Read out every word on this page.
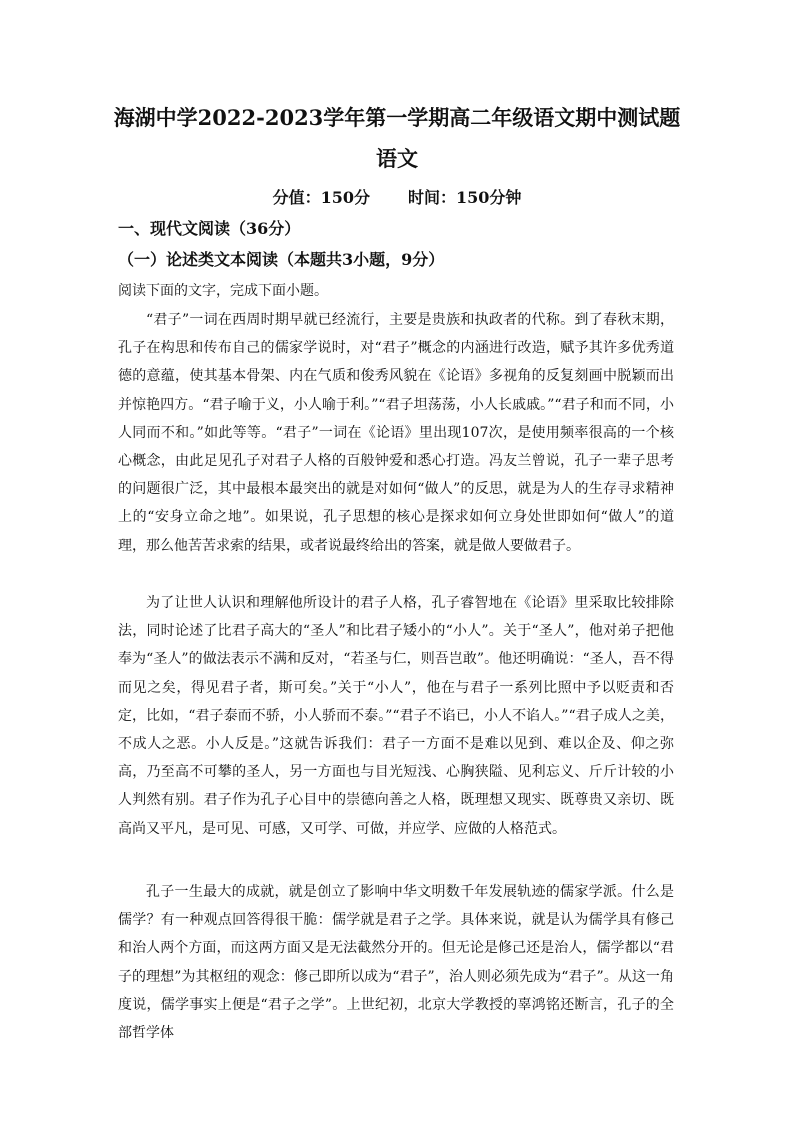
海湖中学2022-2023学年第一学期高二年级语文期中测试题
语文
分值：150分 时间：150分钟
一、现代文阅读（36分）
（一）论述类文本阅读（本题共3小题，9分）
阅读下面的文字，完成下面小题。

“君子”一词在西周时期早就已经流行，主要是贵族和执政者的代称。到了春秋末期，孔子在构思和传布自己的儒家学说时，对“君子”概念的内涵进行改造，赋予其许多优秀道德的意蕴，使其基本骨架、内在气质和俊秀风貌在《论语》多视角的反复刻画中脱颖而出并惊艳四方。“君子喻于义，小人喻于利。”“君子坦荡荡，小人长戚戚。”“君子和而不同，小人同而不和。”如此等等。“君子”一词在《论语》里出现107次，是使用频率很高的一个核心概念，由此足见孔子对君子人格的百般钟爱和悉心打造。冯友兰曾说，孔子一辈子思考的问题很广泛，其中最根本最突出的就是对如何“做人”的反思，就是为人的生存寻求精神上的“安身立命之地”。如果说，孔子思想的核心是探求如何立身处世即如何“做人”的道理，那么他苦苦求索的结果，或者说最终给出的答案，就是做人要做君子。

为了让世人认识和理解他所设计的君子人格，孔子睿智地在《论语》里采取比较排除法，同时论述了比君子高大的“圣人”和比君子矮小的“小人”。关于“圣人”，他对弟子把他奉为“圣人”的做法表示不满和反对，“若圣与仁，则吾岂敢”。他还明确说：“圣人，吾不得而见之矣，得见君子者，斯可矣。”关于“小人”，他在与君子一系列比照中予以贬责和否定，比如，“君子泰而不骄，小人骄而不泰。”“君子不谄已，小人不谄人。”“君子成人之美，不成人之恶。小人反是。”这就告诉我们：君子一方面不是难以见到、难以企及、仰之弥高，乃至高不可攀的圣人，另一方面也与目光短浅、心胸狭隘、见利忘义、斤斤计较的小人判然有别。君子作为孔子心目中的崇德向善之人格，既理想又现实、既尊贵又亲切、既高尚又平凡，是可见、可感，又可学、可做，并应学、应做的人格范式。

孔子一生最大的成就，就是创立了影响中华文明数千年发展轨迹的儒家学派。什么是儒学？有一种观点回答得很干脆：儒学就是君子之学。具体来说，就是认为儒学具有修己和治人两个方面，而这两方面又是无法截然分开的。但无论是修己还是治人，儒学都以“君子的理想”为其枢纽的观念：修己即所以成为“君子”，治人则必须先成为“君子”。从这一角度说，儒学事实上便是“君子之学”。上世纪初，北京大学教授的辜鸿铭还断言，孔子的全部哲学体
